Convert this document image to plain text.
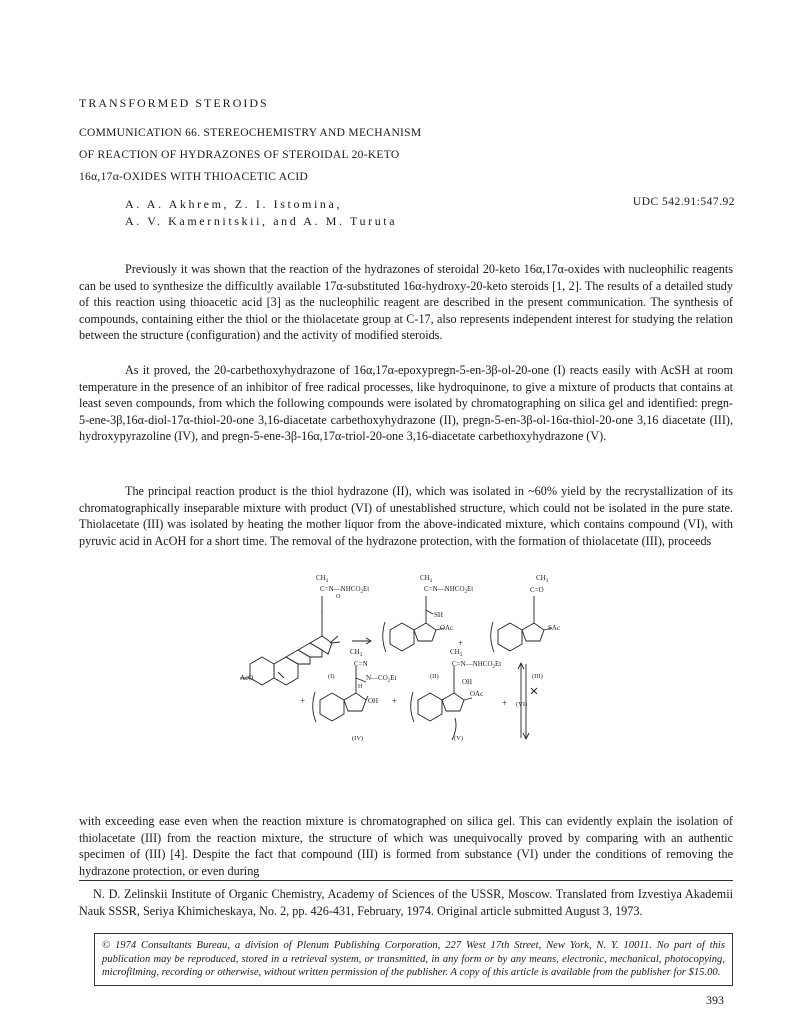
TRANSFORMED STEROIDS
COMMUNICATION 66. STEREOCHEMISTRY AND MECHANISM
OF REACTION OF HYDRAZONES OF STEROIDAL 20-KETO
16α,17α-OXIDES WITH THIOACETIC ACID
A. A. Akhrem, Z. I. Istomina,
A. V. Kamernitskii, and A. M. Turuta
UDC 542.91:547.92
Previously it was shown that the reaction of the hydrazones of steroidal 20-keto 16α,17α-oxides with nucleophilic reagents can be used to synthesize the difficultly available 17α-substituted 16α-hydroxy-20-keto steroids [1, 2]. The results of a detailed study of this reaction using thioacetic acid [3] as the nucleophilic reagent are described in the present communication. The synthesis of compounds, containing either the thiol or the thiolacetate group at C-17, also represents independent interest for studying the relation between the structure (configuration) and the activity of modified steroids.
As it proved, the 20-carbethoxyhydrazone of 16α,17α-epoxypregn-5-en-3β-ol-20-one (I) reacts easily with AcSH at room temperature in the presence of an inhibitor of free radical processes, like hydroquinone, to give a mixture of products that contains at least seven compounds, from which the following compounds were isolated by chromatographing on silica gel and identified: pregn-5-ene-3β,16α-diol-17α-thiol-20-one 3,16-diacetate carbethoxyhydrazone (II), pregn-5-en-3β-ol-16α-thiol-20-one 3,16 diacetate (III), hydroxypyrazoline (IV), and pregn-5-ene-3β-16α,17α-triol-20-one 3,16-diacetate carbethoxyhydrazone (V).
The principal reaction product is the thiol hydrazone (II), which was isolated in ~60% yield by the recrystallization of its chromatographically inseparable mixture with product (VI) of unestablished structure, which could not be isolated in the pure state. Thiolacetate (III) was isolated by heating the mother liquor from the above-indicated mixture, which contains compound (VI), with pyruvic acid in AcOH for a short time. The removal of the hydrazone protection, with the formation of thiolacetate (III), proceeds
$CH_3$
$C=N—NHCO_2Et$
O
AcO	(I)
$CH_3$
$C=N—NHCO_2Et$
SH
OAc
+
(II)
$CH_3$
C=O
SAc
(III)
$CH_3$
C=N
$N—CO_2Et$
H
OH
+
(IV)
+
$CH_3$
$C=N—NHCO_2Et$
OH
OAc
(V)
+ (VI)
with exceeding ease even when the reaction mixture is chromatographed on silica gel. This can evidently explain the isolation of thiolacetate (III) from the reaction mixture, the structure of which was unequivocally proved by comparing with an authentic specimen of (III) [4]. Despite the fact that compound (III) is formed from substance (VI) under the conditions of removing the hydrazone protection, or even during
N. D. Zelinskii Institute of Organic Chemistry, Academy of Sciences of the USSR, Moscow. Translated from Izvestiya Akademii Nauk SSSR, Seriya Khimicheskaya, No. 2, pp. 426-431, February, 1974. Original article submitted August 3, 1973.
© 1974 Consultants Bureau, a division of Plenum Publishing Corporation, 227 West 17th Street, New York, N. Y. 10011. No part of this publication may be reproduced, stored in a retrieval system, or transmitted, in any form or by any means, electronic, mechanical, photocopying, microfilming, recording or otherwise, without written permission of the publisher. A copy of this article is available from the publisher for $15.00.
393
